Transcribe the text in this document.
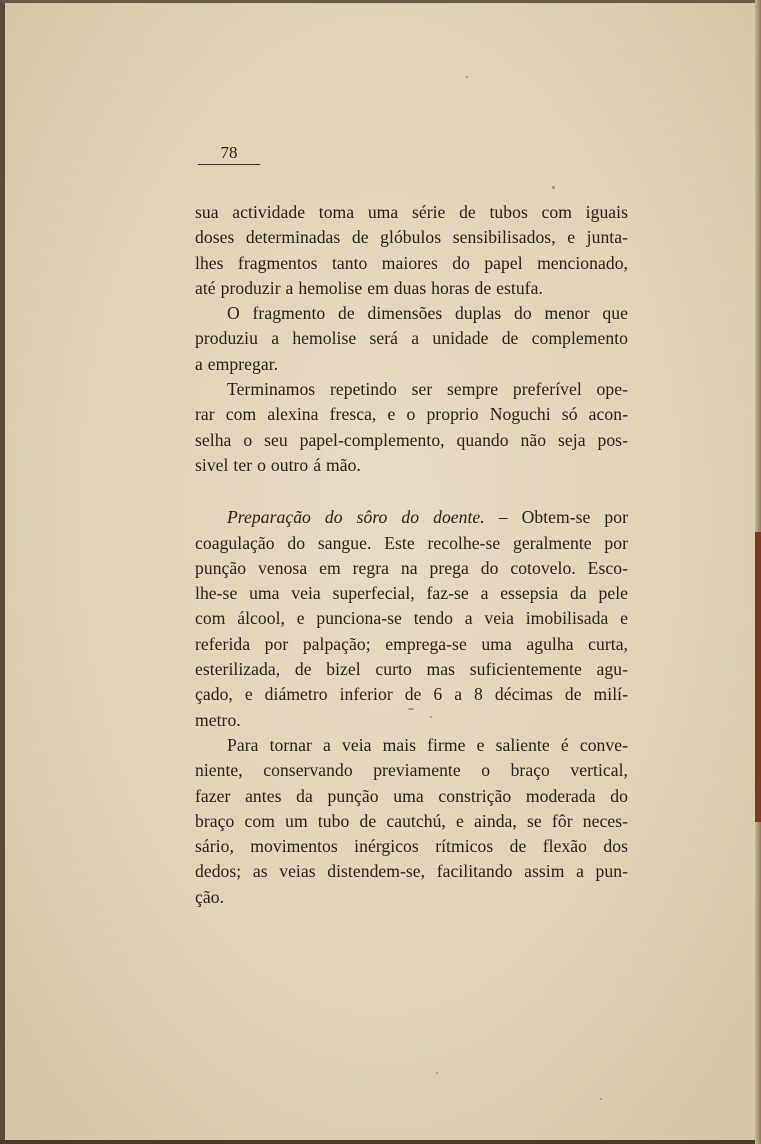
78

sua actividade toma uma série de tubos com iguais
doses determinadas de glóbulos sensibilisados, e junta-
lhes fragmentos tanto maiores do papel mencionado,
até produzir a hemolise em duas horas de estufa.

O fragmento de dimensões duplas do menor que
produziu a hemolise será a unidade de complemento
a empregar.

Terminamos repetindo ser sempre preferível ope-
rar com alexina fresca, e o proprio Noguchi só acon-
selha o seu papel-complemento, quando não seja pos-
sivel ter o outro á mão.

Preparação do sôro do doente. – Obtem-se por
coagulação do sangue. Este recolhe-se geralmente por
punção venosa em regra na prega do cotovelo. Esco-
lhe-se uma veia superfecial, faz-se a essepsia da pele
com álcool, e punciona-se tendo a veia imobilisada e
referida por palpação; emprega-se uma agulha curta,
esterilizada, de bizel curto mas suficientemente agu-
çado, e diámetro inferior de 6 a 8 décimas de milí-
metro.

Para tornar a veia mais firme e saliente é conve-
niente, conservando previamente o braço vertical,
fazer antes da punção uma constrição moderada do
braço com um tubo de cautchú, e ainda, se fôr neces-
sário, movimentos inérgicos rítmicos de flexão dos
dedos; as veias distendem-se, facilitando assim a pun-
ção.
